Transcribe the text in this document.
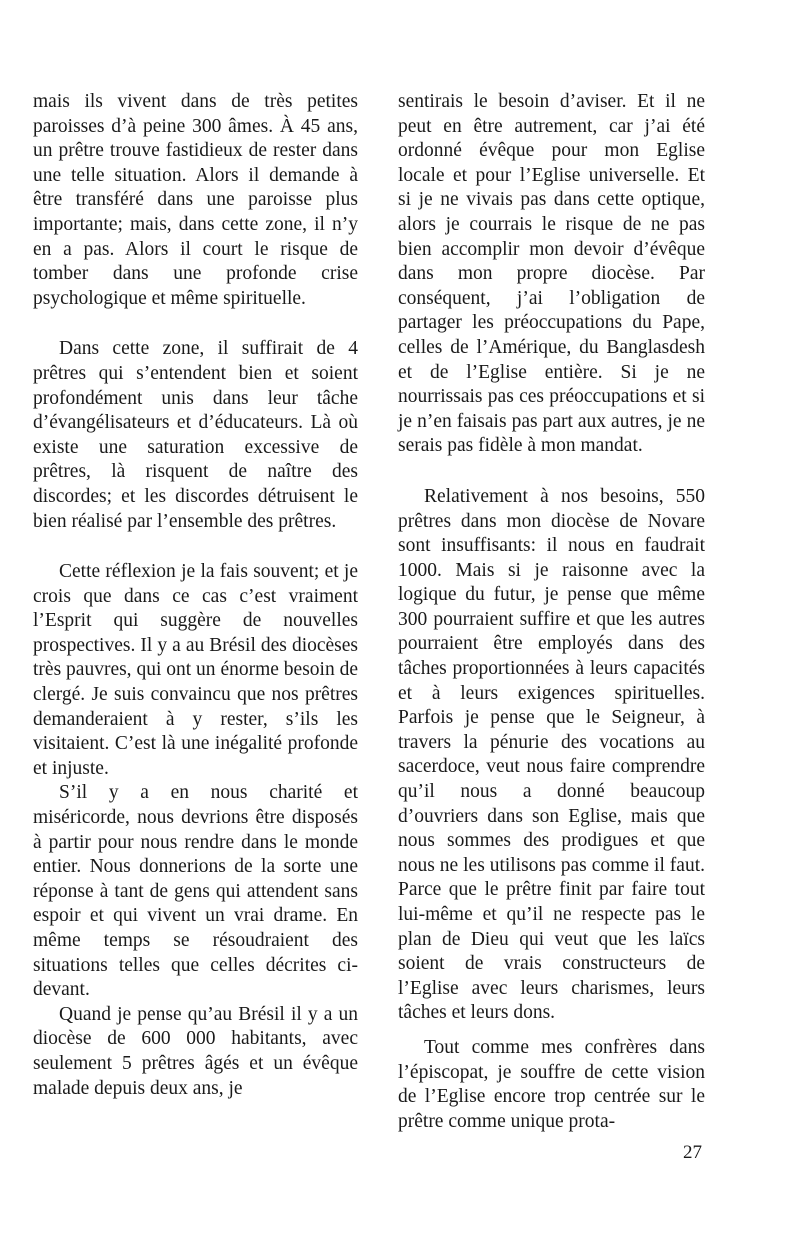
mais ils vivent dans de très petites paroisses d’à peine 300 âmes. À 45 ans, un prêtre trouve fastidieux de rester dans une telle situation. Alors il demande à être transféré dans une paroisse plus importante; mais, dans cette zone, il n’y en a pas. Alors il court le risque de tomber dans une profonde crise psychologique et même spirituelle.

Dans cette zone, il suffirait de 4 prêtres qui s’entendent bien et soient profondément unis dans leur tâche d’évangélisateurs et d’éducateurs. Là où existe une saturation excessive de prêtres, là risquent de naître des discordes; et les discordes détruisent le bien réalisé par l’ensemble des prêtres.

Cette réflexion je la fais souvent; et je crois que dans ce cas c’est vraiment l’Esprit qui suggère de nouvelles prospectives. Il y a au Brésil des diocèses très pauvres, qui ont un énorme besoin de clergé. Je suis convaincu que nos prêtres demanderaient à y rester, s’ils les visitaient. C’est là une inégalité profonde et injuste.

S’il y a en nous charité et miséricorde, nous devrions être disposés à partir pour nous rendre dans le monde entier. Nous donnerions de la sorte une réponse à tant de gens qui attendent sans espoir et qui vivent un vrai drame. En même temps se résoudraient des situations telles que celles décrites ci-devant.

Quand je pense qu’au Brésil il y a un diocèse de 600 000 habitants, avec seulement 5 prêtres âgés et un évêque malade depuis deux ans, je

sentirais le besoin d’aviser. Et il ne peut en être autrement, car j’ai été ordonné évêque pour mon Eglise locale et pour l’Eglise universelle. Et si je ne vivais pas dans cette optique, alors je courrais le risque de ne pas bien accomplir mon devoir d’évêque dans mon propre diocèse. Par conséquent, j’ai l’obligation de partager les préoccupations du Pape, celles de l’Amérique, du Banglasdesh et de l’Eglise entière. Si je ne nourrissais pas ces préoccupations et si je n’en faisais pas part aux autres, je ne serais pas fidèle à mon mandat.

Relativement à nos besoins, 550 prêtres dans mon diocèse de Novare sont insuffisants: il nous en faudrait 1000. Mais si je raisonne avec la logique du futur, je pense que même 300 pourraient suffire et que les autres pourraient être employés dans des tâches proportionnées à leurs capacités et à leurs exigences spirituelles. Parfois je pense que le Seigneur, à travers la pénurie des vocations au sacerdoce, veut nous faire comprendre qu’il nous a donné beaucoup d’ouvriers dans son Eglise, mais que nous sommes des prodigues et que nous ne les utilisons pas comme il faut. Parce que le prêtre finit par faire tout lui-même et qu’il ne respecte pas le plan de Dieu qui veut que les laïcs soient de vrais constructeurs de l’Eglise avec leurs charismes, leurs tâches et leurs dons.

Tout comme mes confrères dans l’épiscopat, je souffre de cette vision de l’Eglise encore trop centrée sur le prêtre comme unique prota-

27
